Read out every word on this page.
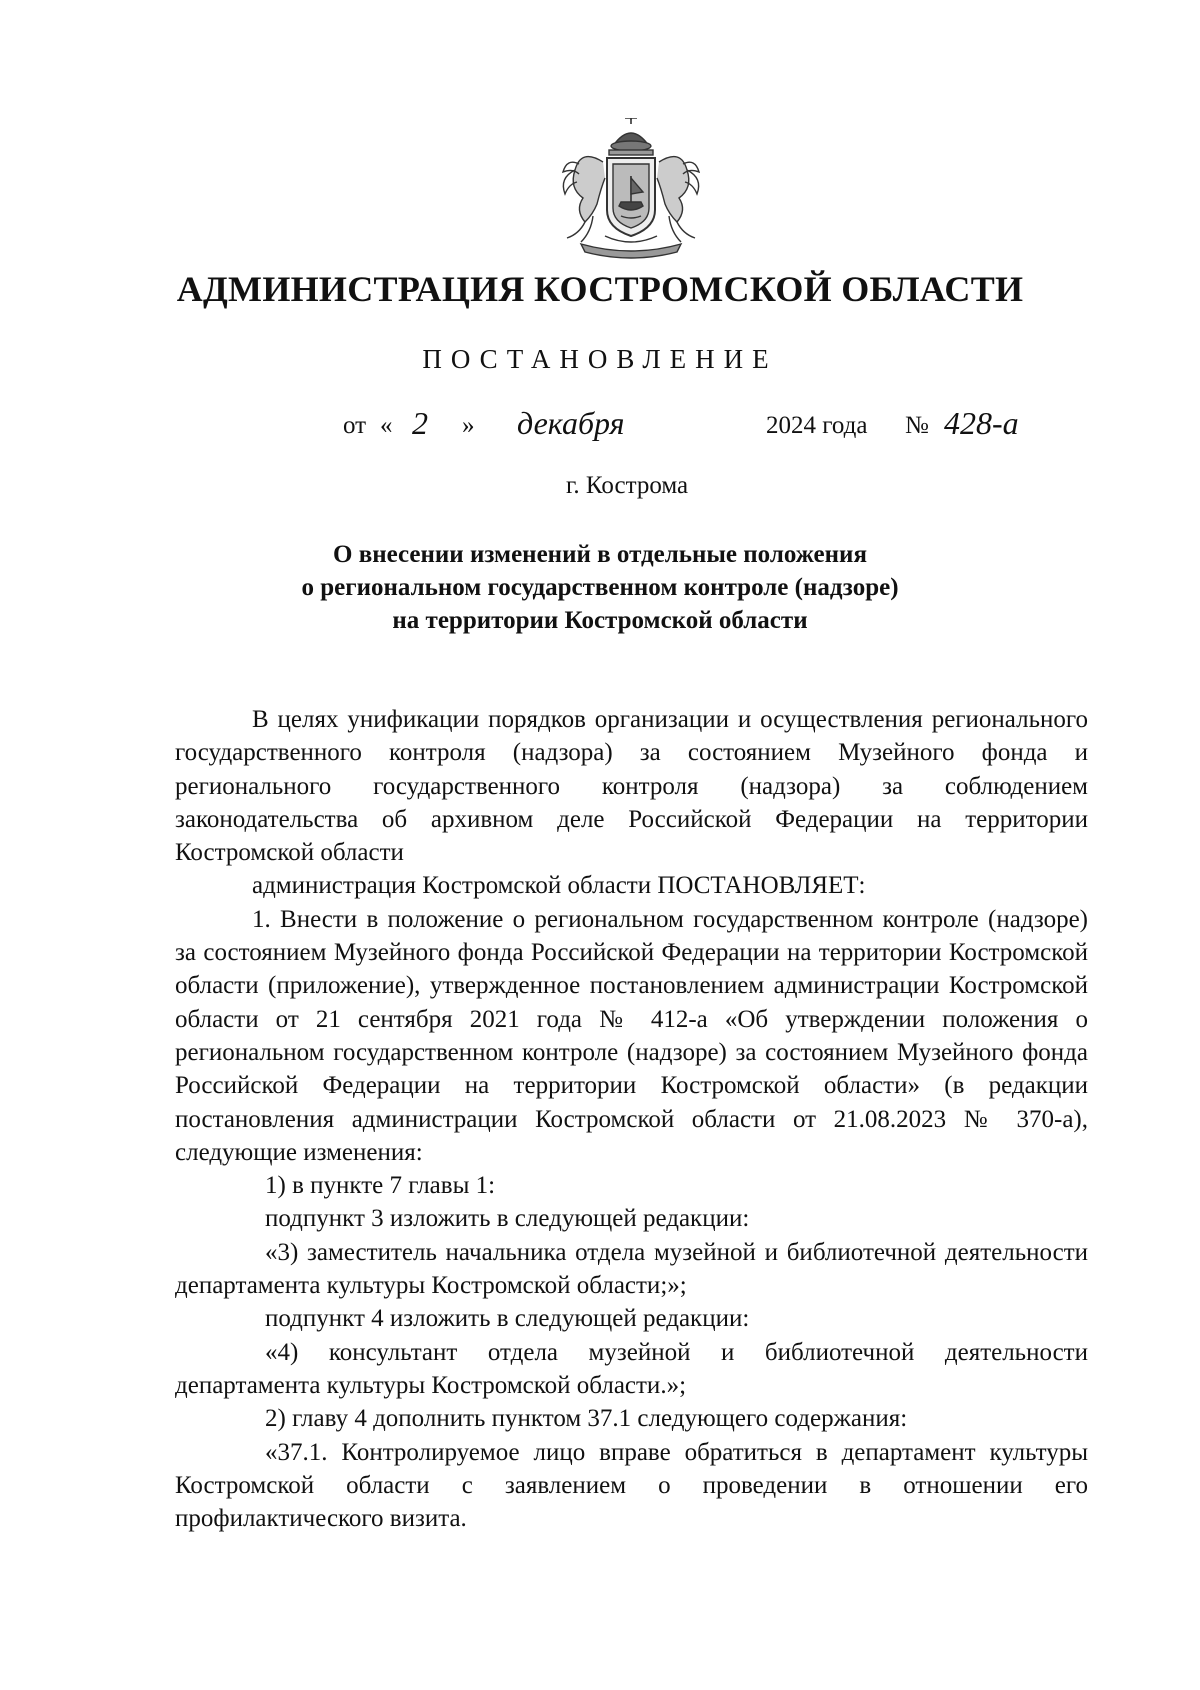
АДМИНИСТРАЦИЯ КОСТРОМСКОЙ ОБЛАСТИ
ПОСТАНОВЛЕНИЕ
от « 2 » декабря	2024 года № 428-а
г. Кострома
О внесении изменений в отдельные положения
о региональном государственном контроле (надзоре)
на территории Костромской области

В целях унификации порядков организации и осуществления регионального государственного контроля (надзора) за состоянием Музейного фонда и регионального государственного контроля (надзора) за соблюдением законодательства об архивном деле Российской Федерации на территории Костромской области

администрация Костромской области ПОСТАНОВЛЯЕТ:

1. Внести в положение о региональном государственном контроле (надзоре) за состоянием Музейного фонда Российской Федерации на территории Костромской области (приложение), утвержденное постановлением администрации Костромской области от 21 сентября 2021 года № 412-а «Об утверждении положения о региональном государственном контроле (надзоре) за состоянием Музейного фонда Российской Федерации на территории Костромской области» (в редакции постановления администрации Костромской области от 21.08.2023 № 370-а), следующие изменения:

1) в пункте 7 главы 1:

подпункт 3 изложить в следующей редакции:

«3) заместитель начальника отдела музейной и библиотечной деятельности департамента культуры Костромской области;»;

подпункт 4 изложить в следующей редакции:

«4) консультант отдела музейной и библиотечной деятельности департамента культуры Костромской области.»;

2) главу 4 дополнить пунктом 37.1 следующего содержания:

«37.1. Контролируемое лицо вправе обратиться в департамент культуры Костромской области с заявлением о проведении в отношении его профилактического визита.
